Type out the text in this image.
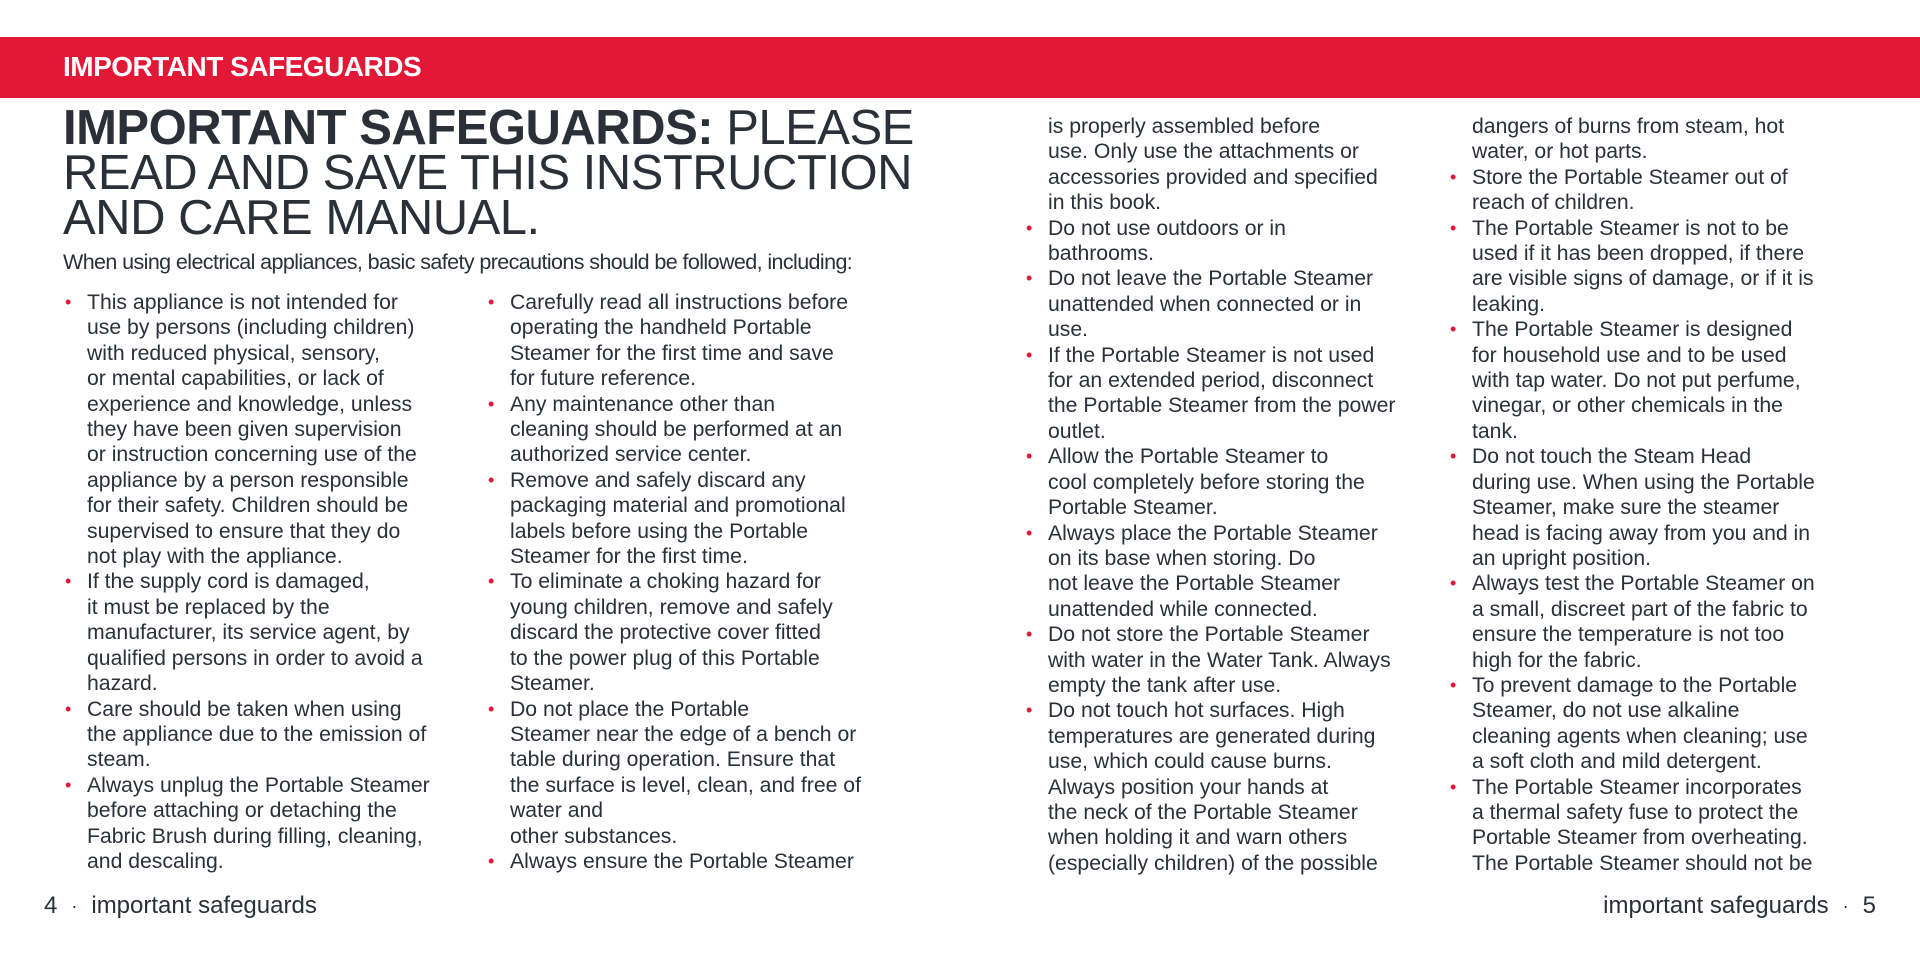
IMPORTANT SAFEGUARDS
IMPORTANT SAFEGUARDS: PLEASE READ AND SAVE THIS INSTRUCTION AND CARE MANUAL.
When using electrical appliances, basic safety precautions should be followed, including:
• This appliance is not intended for
use by persons (including children)
with reduced physical, sensory,
or mental capabilities, or lack of
experience and knowledge, unless
they have been given supervision
or instruction concerning use of the
appliance by a person responsible
for their safety. Children should be
supervised to ensure that they do
not play with the appliance.
• If the supply cord is damaged,
it must be replaced by the
manufacturer, its service agent, by
qualified persons in order to avoid a
hazard.
• Care should be taken when using
the appliance due to the emission of
steam.
• Always unplug the Portable Steamer
before attaching or detaching the
Fabric Brush during filling, cleaning,
and descaling.
• Carefully read all instructions before
operating the handheld Portable
Steamer for the first time and save
for future reference.
• Any maintenance other than
cleaning should be performed at an
authorized service center.
• Remove and safely discard any
packaging material and promotional
labels before using the Portable
Steamer for the first time.
• To eliminate a choking hazard for
young children, remove and safely
discard the protective cover fitted
to the power plug of this Portable
Steamer.
• Do not place the Portable
Steamer near the edge of a bench or
table during operation. Ensure that
the surface is level, clean, and free of
water and
other substances.
• Always ensure the Portable Steamer
is properly assembled before
use. Only use the attachments or
accessories provided and specified
in this book.
• Do not use outdoors or in
bathrooms.
• Do not leave the Portable Steamer
unattended when connected or in
use.
• If the Portable Steamer is not used
for an extended period, disconnect
the Portable Steamer from the power
outlet.
• Allow the Portable Steamer to
cool completely before storing the
Portable Steamer.
• Always place the Portable Steamer
on its base when storing. Do
not leave the Portable Steamer
unattended while connected.
• Do not store the Portable Steamer
with water in the Water Tank. Always
empty the tank after use.
• Do not touch hot surfaces. High
temperatures are generated during
use, which could cause burns.
Always position your hands at
the neck of the Portable Steamer
when holding it and warn others
(especially children) of the possible
dangers of burns from steam, hot
water, or hot parts.
• Store the Portable Steamer out of
reach of children.
• The Portable Steamer is not to be
used if it has been dropped, if there
are visible signs of damage, or if it is
leaking.
• The Portable Steamer is designed
for household use and to be used
with tap water. Do not put perfume,
vinegar, or other chemicals in the
tank.
• Do not touch the Steam Head
during use. When using the Portable
Steamer, make sure the steamer
head is facing away from you and in
an upright position.
• Always test the Portable Steamer on
a small, discreet part of the fabric to
ensure the temperature is not too
high for the fabric.
• To prevent damage to the Portable
Steamer, do not use alkaline
cleaning agents when cleaning; use
a soft cloth and mild detergent.
• The Portable Steamer incorporates
a thermal safety fuse to protect the
Portable Steamer from overheating.
The Portable Steamer should not be
4 · important safeguards	important safeguards · 5
